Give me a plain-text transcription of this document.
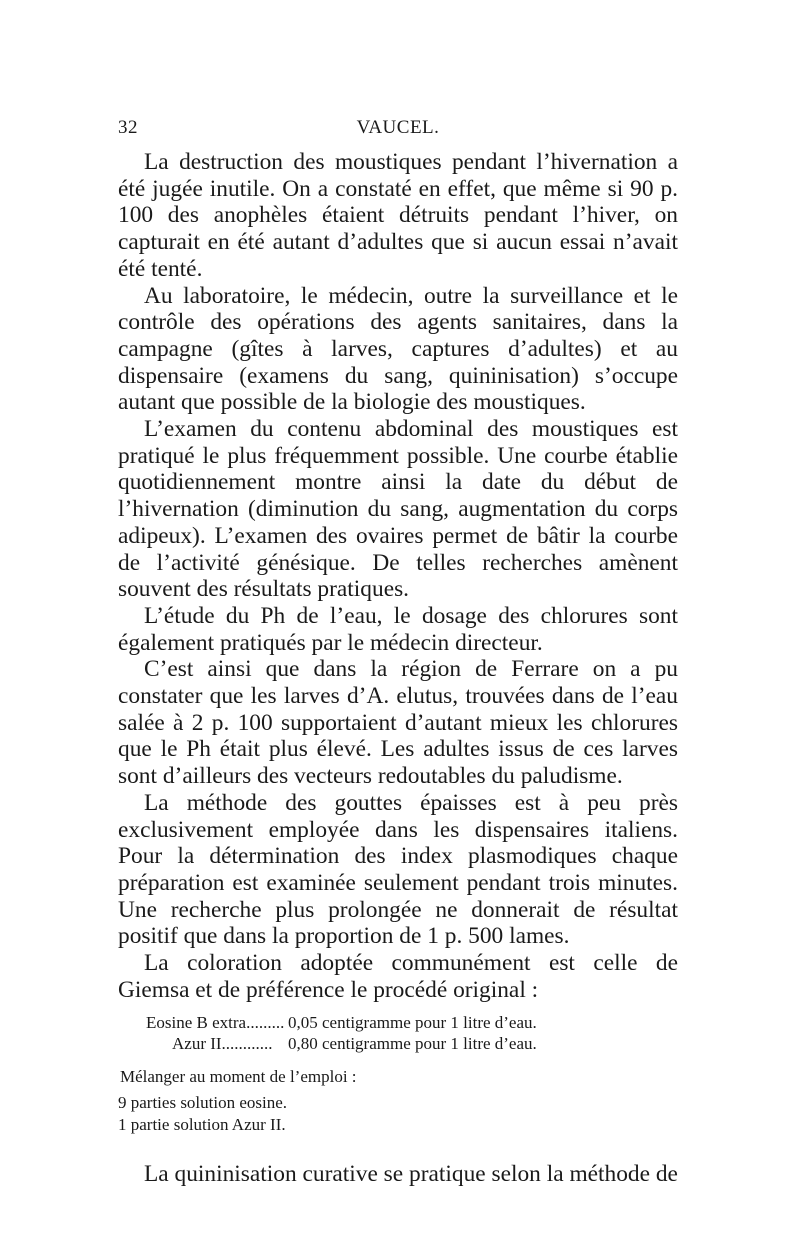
32	VAUCEL.

La destruction des moustiques pendant l’hivernation a été jugée inutile. On a constaté en effet, que même si 90 p. 100 des anophèles étaient détruits pendant l’hiver, on capturait en été autant d’adultes que si aucun essai n’avait été tenté.

Au laboratoire, le médecin, outre la surveillance et le contrôle des opérations des agents sanitaires, dans la campagne (gîtes à larves, captures d’adultes) et au dispensaire (examens du sang, quininisation) s’occupe autant que possible de la biologie des moustiques.

L’examen du contenu abdominal des moustiques est pratiqué le plus fréquemment possible. Une courbe établie quotidiennement montre ainsi la date du début de l’hivernation (diminution du sang, augmentation du corps adipeux). L’examen des ovaires permet de bâtir la courbe de l’activité génésique. De telles recherches amènent souvent des résultats pratiques.

L’étude du Ph de l’eau, le dosage des chlorures sont également pratiqués par le médecin directeur.

C’est ainsi que dans la région de Ferrare on a pu constater que les larves d’A. elutus, trouvées dans de l’eau salée à 2 p. 100 supportaient d’autant mieux les chlorures que le Ph était plus élevé. Les adultes issus de ces larves sont d’ailleurs des vecteurs redoutables du paludisme.

La méthode des gouttes épaisses est à peu près exclusivement employée dans les dispensaires italiens. Pour la détermination des index plasmodiques chaque préparation est examinée seulement pendant trois minutes. Une recherche plus prolongée ne donnerait de résultat positif que dans la proportion de 1 p. 500 lames.

La coloration adoptée communément est celle de Giemsa et de préférence le procédé original :

Eosine B extra......... 0,05 centigramme pour 1 litre d’eau.
Azur II............ 0,80 centigramme pour 1 litre d’eau.
Mélanger au moment de l’emploi :
9 parties solution eosine.
1 partie solution Azur II.

La quininisation curative se pratique selon la méthode de
